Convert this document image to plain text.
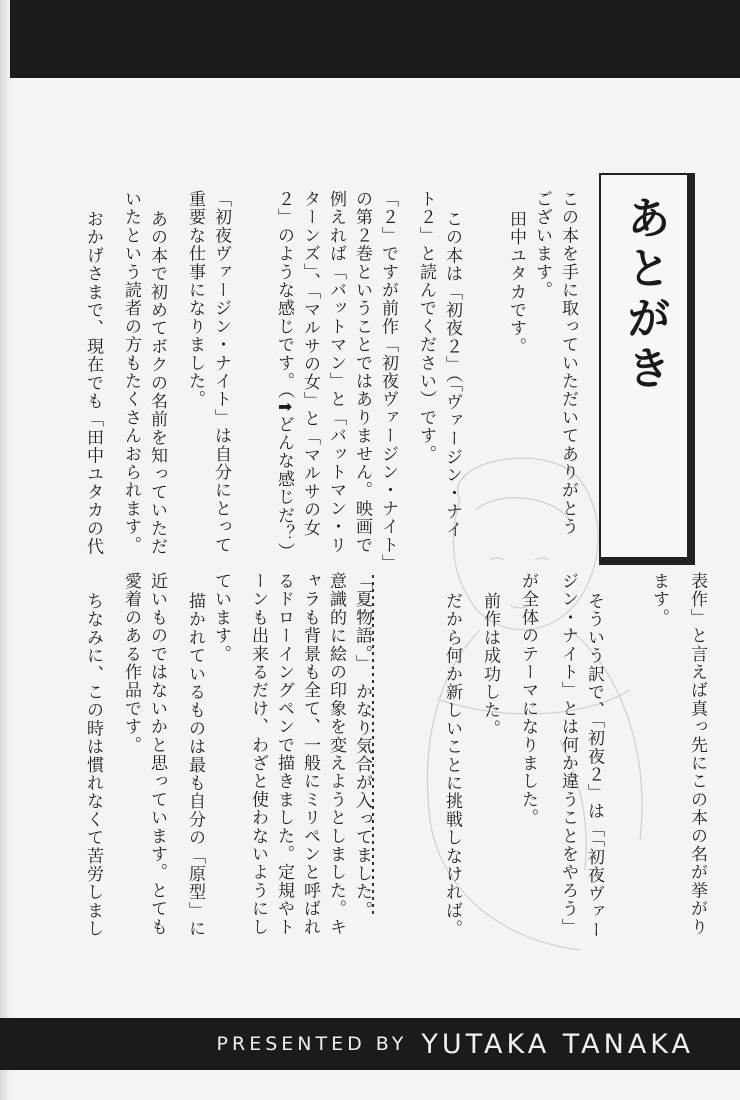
あとがき
この本を手に取っていただいてありがとう
ございます。
田中ユタカです。
この本は「初夜２」（「ヴァージン・ナイ
ト２」と読んでください）です。
「２」ですが前作「初夜ヴァージン・ナイト」
の第２巻ということではありません。映画で
例えれば「バットマン」と「バットマン・リ
ターンズ」、「マルサの女」と「マルサの女
２」のような感じです。（⬆どんな感じだ？）
「初夜ヴァージン・ナイト」は自分にとって
重要な仕事になりました。
あの本で初めてボクの名前を知っていただ
いたという読者の方もたくさんおられます。
おかげさまで、現在でも「田中ユタカの代
表作」と言えば真っ先にこの本の名が挙がり
ます。
そういう訳で、「初夜２」は「「初夜ヴァー
ジン・ナイト」とは何か違うことをやろう」
が全体のテーマになりました。
前作は成功した。
だから何か新しいことに挑戦しなければ。
「夏物語。」　かなり気合が入ってました。
意識的に絵の印象を変えようとしました。キ
ャラも背景も全て、一般にミリペンと呼ばれ
るドローイングペンで描きました。定規やト
ーンも出来るだけ、わざと使わないようにし
ています。
描かれているものは最も自分の「原型」に
近いものではないかと思っています。とても
愛着のある作品です。
ちなみに、この時は慣れなくて苦労しまし
PRESENTED BY YUTAKA TANAKA
